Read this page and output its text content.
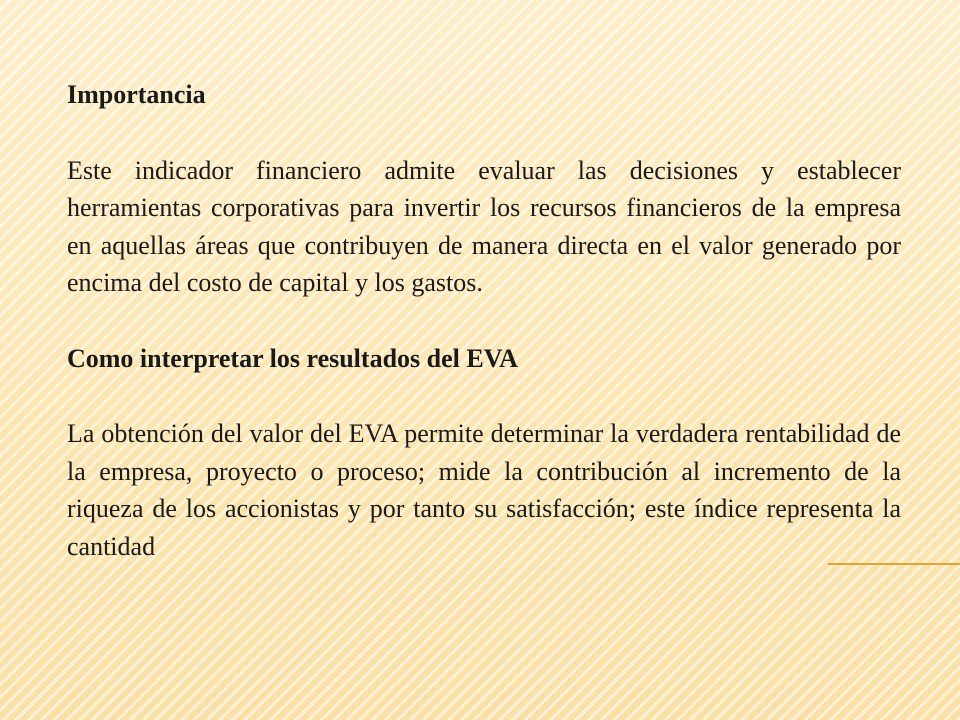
Importancia

Este indicador financiero admite evaluar las decisiones y establecer herramientas corporativas para invertir los recursos financieros de la empresa en aquellas áreas que contribuyen de manera directa en el valor generado por encima del costo de capital y los gastos.

Como interpretar los resultados del EVA

La obtención del valor del EVA permite determinar la verdadera rentabilidad de la empresa, proyecto o proceso; mide la contribución al incremento de la riqueza de los accionistas y por tanto su satisfacción; este índice representa la cantidad
